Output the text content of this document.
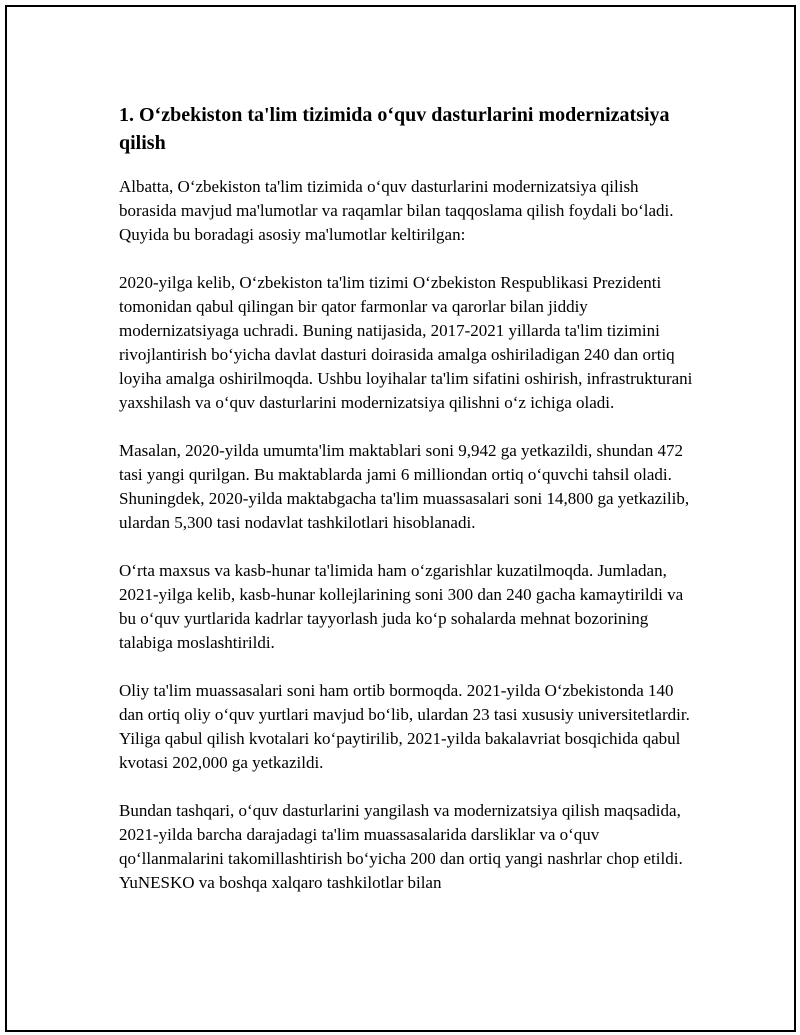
1. O‘zbekiston ta'lim tizimida o‘quv dasturlarini modernizatsiya qilish

Albatta, O‘zbekiston ta'lim tizimida o‘quv dasturlarini modernizatsiya qilish borasida mavjud ma'lumotlar va raqamlar bilan taqqoslama qilish foydali bo‘ladi. Quyida bu boradagi asosiy ma'lumotlar keltirilgan:

2020-yilga kelib, O‘zbekiston ta'lim tizimi O‘zbekiston Respublikasi Prezidenti tomonidan qabul qilingan bir qator farmonlar va qarorlar bilan jiddiy modernizatsiyaga uchradi. Buning natijasida, 2017-2021 yillarda ta'lim tizimini rivojlantirish bo‘yicha davlat dasturi doirasida amalga oshiriladigan 240 dan ortiq loyiha amalga oshirilmoqda. Ushbu loyihalar ta'lim sifatini oshirish, infrastrukturani yaxshilash va o‘quv dasturlarini modernizatsiya qilishni o‘z ichiga oladi.

Masalan, 2020-yilda umumta'lim maktablari soni 9,942 ga yetkazildi, shundan 472 tasi yangi qurilgan. Bu maktablarda jami 6 milliondan ortiq o‘quvchi tahsil oladi. Shuningdek, 2020-yilda maktabgacha ta'lim muassasalari soni 14,800 ga yetkazilib, ulardan 5,300 tasi nodavlat tashkilotlari hisoblanadi.

O‘rta maxsus va kasb-hunar ta'limida ham o‘zgarishlar kuzatilmoqda. Jumladan, 2021-yilga kelib, kasb-hunar kollejlarining soni 300 dan 240 gacha kamaytirildi va bu o‘quv yurtlarida kadrlar tayyorlash juda ko‘p sohalarda mehnat bozorining talabiga moslashtirildi.

Oliy ta'lim muassasalari soni ham ortib bormoqda. 2021-yilda O‘zbekistonda 140 dan ortiq oliy o‘quv yurtlari mavjud bo‘lib, ulardan 23 tasi xususiy universitetlardir. Yiliga qabul qilish kvotalari ko‘paytirilib, 2021-yilda bakalavriat bosqichida qabul kvotasi 202,000 ga yetkazildi.

Bundan tashqari, o‘quv dasturlarini yangilash va modernizatsiya qilish maqsadida, 2021-yilda barcha darajadagi ta'lim muassasalarida darsliklar va o‘quv qo‘llanmalarini takomillashtirish bo‘yicha 200 dan ortiq yangi nashrlar chop etildi. YuNESKO va boshqa xalqaro tashkilotlar bilan
